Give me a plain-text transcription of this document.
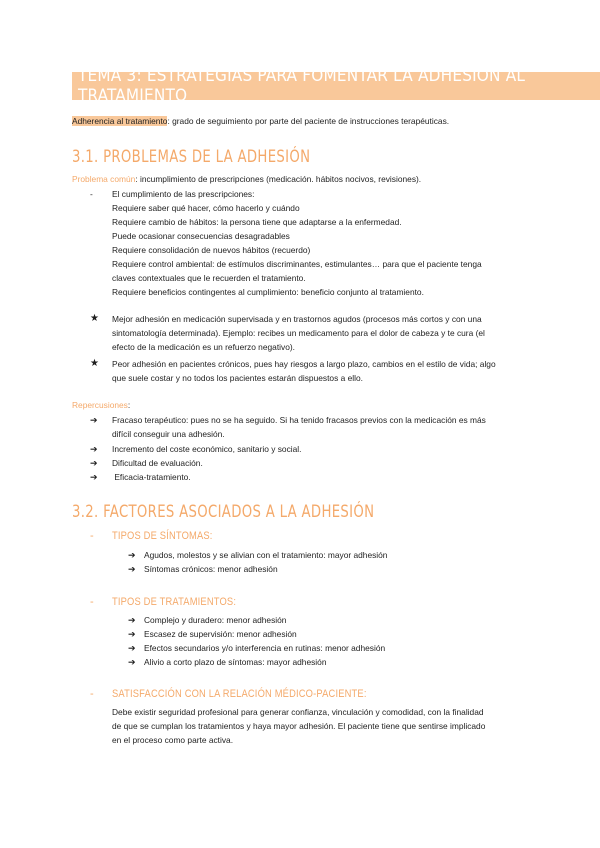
TEMA 3: ESTRATEGIAS PARA FOMENTAR LA ADHESIÓN AL TRATAMIENTO
Adherencia al tratamiento: grado de seguimiento por parte del paciente de instrucciones terapéuticas.
3.1. PROBLEMAS DE LA ADHESIÓN
Problema común: incumplimiento de prescripciones (medicación. hábitos nocivos, revisiones).
-	El cumplimiento de las prescripciones:
Requiere saber qué hacer, cómo hacerlo y cuándo
Requiere cambio de hábitos: la persona tiene que adaptarse a la enfermedad.
Puede ocasionar consecuencias desagradables
Requiere consolidación de nuevos hábitos (recuerdo)
Requiere control ambiental: de estímulos discriminantes, estimulantes… para que el paciente tenga
claves contextuales que le recuerden el tratamiento.
Requiere beneficios contingentes al cumplimiento: beneficio conjunto al tratamiento.
★	Mejor adhesión en medicación supervisada y en trastornos agudos (procesos más cortos y con una
sintomatología determinada). Ejemplo: recibes un medicamento para el dolor de cabeza y te cura (el
efecto de la medicación es un refuerzo negativo).
★	Peor adhesión en pacientes crónicos, pues hay riesgos a largo plazo, cambios en el estilo de vida; algo
que suele costar y no todos los pacientes estarán dispuestos a ello.
Repercusiones:
➔	Fracaso terapéutico: pues no se ha seguido. Si ha tenido fracasos previos con la medicación es más
difícil conseguir una adhesión.
➔	Incremento del coste económico, sanitario y social.
➔	Dificultad de evaluación.
➔	Eficacia-tratamiento.
3.2. FACTORES ASOCIADOS A LA ADHESIÓN
-	TIPOS DE SÍNTOMAS:
➔	Agudos, molestos y se alivian con el tratamiento: mayor adhesión
➔	Síntomas crónicos: menor adhesión
-	TIPOS DE TRATAMIENTOS:
➔	Complejo y duradero: menor adhesión
➔	Escasez de supervisión: menor adhesión
➔	Efectos secundarios y/o interferencia en rutinas: menor adhesión
➔	Alivio a corto plazo de síntomas: mayor adhesión
-	SATISFACCIÓN CON LA RELACIÓN MÉDICO-PACIENTE:
Debe existir seguridad profesional para generar confianza, vinculación y comodidad, con la finalidad
de que se cumplan los tratamientos y haya mayor adhesión. El paciente tiene que sentirse implicado
en el proceso como parte activa.
